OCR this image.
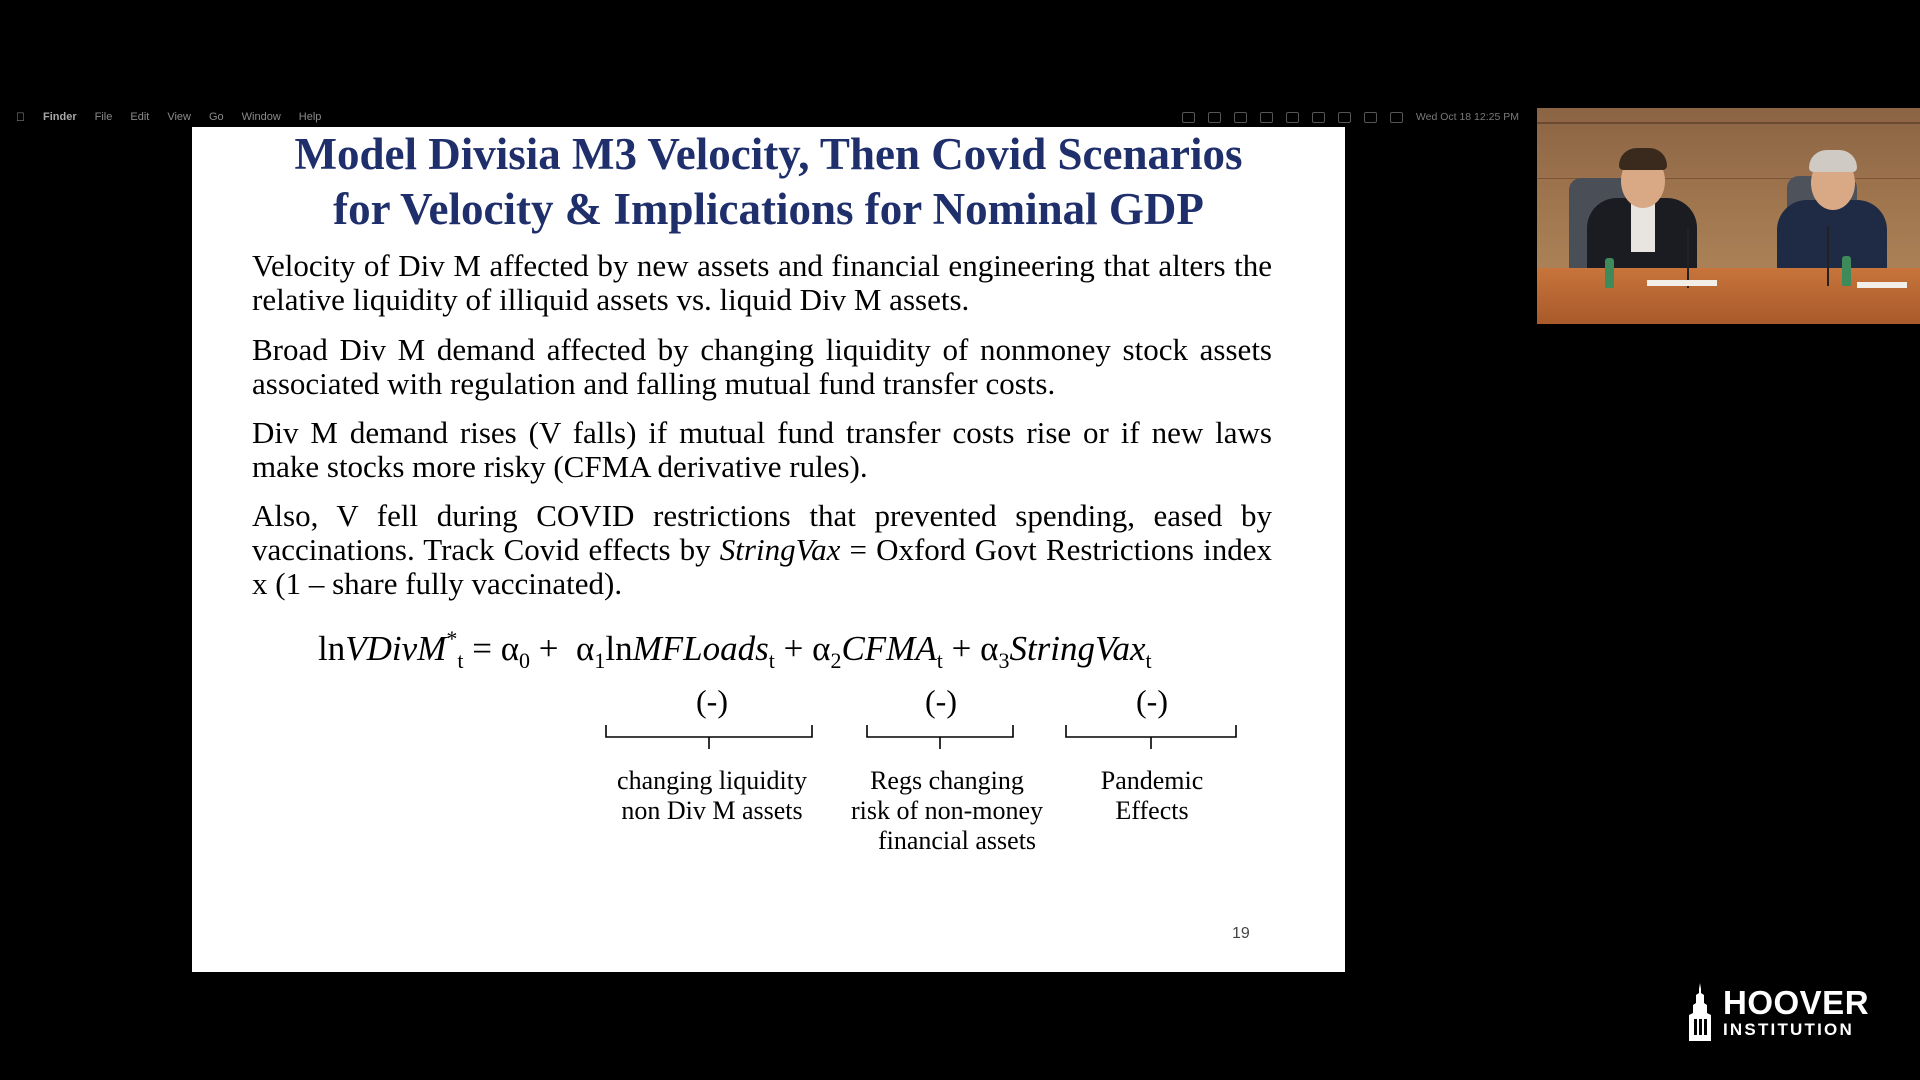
Finder File Edit View Go Window Help	Wed Oct 18 12:25 PM
Model Divisia M3 Velocity, Then Covid Scenarios
for Velocity & Implications for Nominal GDP
Velocity of Div M affected by new assets and financial engineering that alters the relative liquidity of illiquid assets vs. liquid Div M assets.
Broad Div M demand affected by changing liquidity of nonmoney stock assets associated with regulation and falling mutual fund transfer costs.
Div M demand rises (V falls) if mutual fund transfer costs rise or if new laws make stocks more risky (CFMA derivative rules).
Also, V fell during COVID restrictions that prevented spending, eased by vaccinations. Track Covid effects by StringVax = Oxford Govt Restrictions index x (1 – share fully vaccinated).
lnVDivM*$_t$ = $\alpha_0$ +  $\alpha_1lnMFLoads_t$ + $\alpha_2CFMA_t$ + $\alpha_3StringVax_t$
(-)	(-)	(-)
changing liquidity
non Div M assets
Regs changing
risk of non-money
financial assets
Pandemic
Effects
19
HOOVER
INSTITUTION
